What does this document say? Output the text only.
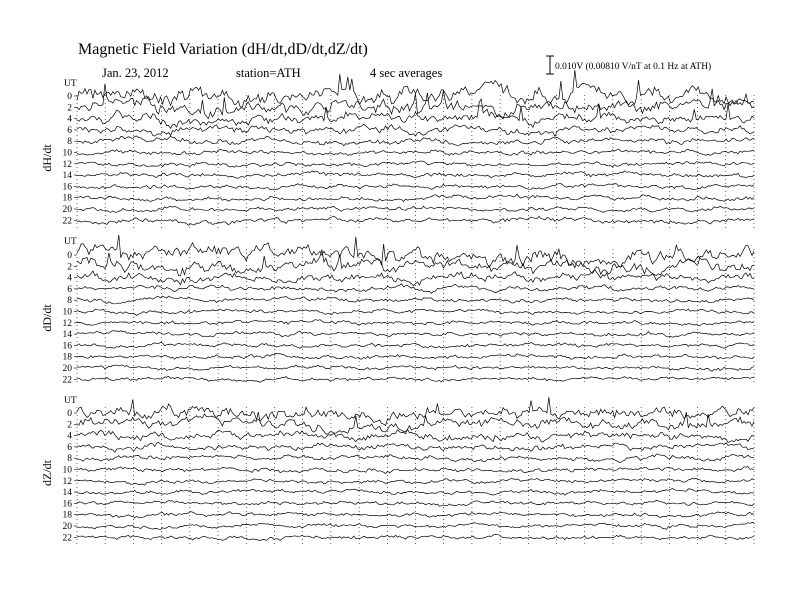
Magnetic Field Variation (dH/dt,dD/dt,dZ/dt)
Jan. 23, 2012	station=ATH	4 sec averages	0.010V (0.00810 V/nT at 0.1 Hz at ATH)
UT
dH/dt
0
2
4
6
8
10
12
14
16
18
20
22
UT
dD/dt
0
2
4
6
8
10
12
14
16
18
20
22
UT
dZ/dt
0
2
4
6
8
10
12
14
16
18
20
22
